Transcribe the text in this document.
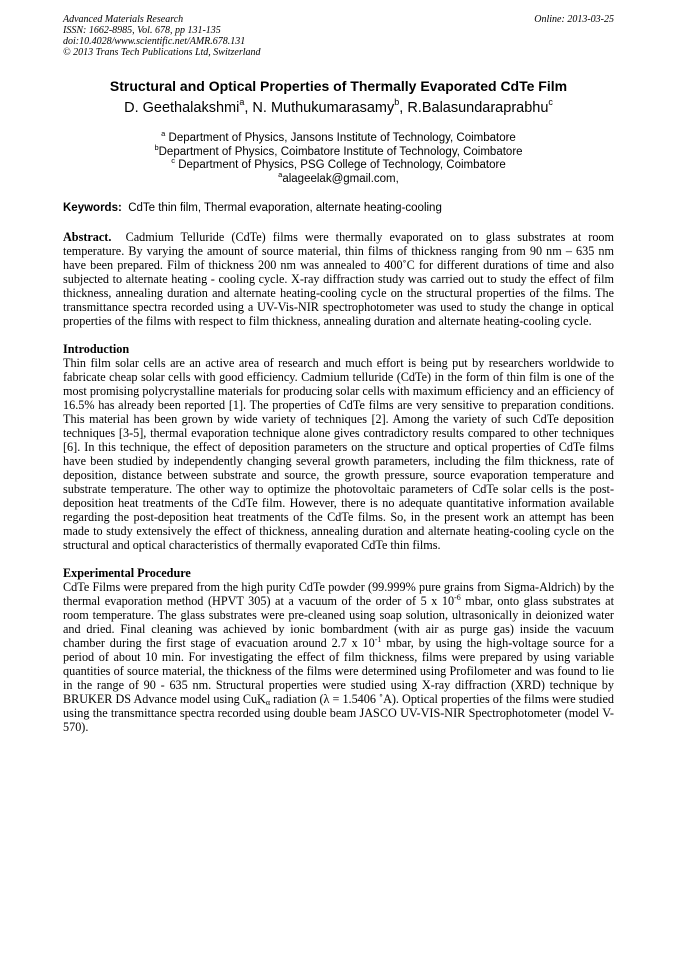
Advanced Materials Research	Online: 2013-03-25
ISSN: 1662-8985, Vol. 678, pp 131-135
doi:10.4028/www.scientific.net/AMR.678.131
© 2013 Trans Tech Publications Ltd, Switzerland
Structural and Optical Properties of Thermally Evaporated CdTe Film
D. Geethalakshmi$^a$, N. Muthukumarasamy$^b$, R.Balasundaraprabhu$^c$
$^a$ Department of Physics, Jansons Institute of Technology, Coimbatore
$^b$Department of Physics, Coimbatore Institute of Technology, Coimbatore
$^c$ Department of Physics, PSG College of Technology, Coimbatore
$^a$alageelak@gmail.com,
Keywords: CdTe thin film, Thermal evaporation, alternate heating-cooling

Abstract. Cadmium Telluride (CdTe) films were thermally evaporated on to glass substrates at room temperature. By varying the amount of source material, thin films of thickness ranging from 90 nm – 635 nm have been prepared. Film of thickness 200 nm was annealed to 400˚C for different durations of time and also subjected to alternate heating - cooling cycle. X-ray diffraction study was carried out to study the effect of film thickness, annealing duration and alternate heating-cooling cycle on the structural properties of the films. The transmittance spectra recorded using a UV-Vis-NIR spectrophotometer was used to study the change in optical properties of the films with respect to film thickness, annealing duration and alternate heating-cooling cycle.

Introduction

Thin film solar cells are an active area of research and much effort is being put by researchers worldwide to fabricate cheap solar cells with good efficiency. Cadmium telluride (CdTe) in the form of thin film is one of the most promising polycrystalline materials for producing solar cells with maximum efficiency and an efficiency of 16.5% has already been reported [1]. The properties of CdTe films are very sensitive to preparation conditions. This material has been grown by wide variety of techniques [2]. Among the variety of such CdTe deposition techniques [3-5], thermal evaporation technique alone gives contradictory results compared to other techniques [6]. In this technique, the effect of deposition parameters on the structure and optical properties of CdTe films have been studied by independently changing several growth parameters, including the film thickness, rate of deposition, distance between substrate and source, the growth pressure, source evaporation temperature and substrate temperature. The other way to optimize the photovoltaic parameters of CdTe solar cells is the post-deposition heat treatments of the CdTe film. However, there is no adequate quantitative information available regarding the post-deposition heat treatments of the CdTe films. So, in the present work an attempt has been made to study extensively the effect of thickness, annealing duration and alternate heating-cooling cycle on the structural and optical characteristics of thermally evaporated CdTe thin films.

Experimental Procedure

CdTe Films were prepared from the high purity CdTe powder (99.999% pure grains from Sigma-Aldrich) by the thermal evaporation method (HPVT 305) at a vacuum of the order of 5 x $10^{-6}$ mbar, onto glass substrates at room temperature. The glass substrates were pre-cleaned using soap solution, ultrasonically in deionized water and dried. Final cleaning was achieved by ionic bombardment (with air as purge gas) inside the vacuum chamber during the first stage of evacuation around 2.7 x $10^{-1}$ mbar, by using the high-voltage source for a period of about 10 min. For investigating the effect of film thickness, films were prepared by using variable quantities of source material, the thickness of the films were determined using Profilometer and was found to lie in the range of 90 - 635 nm. Structural properties were studied using X-ray diffraction (XRD) technique by BRUKER DS Advance model using CuK$_\alpha$ radiation (λ = 1.5406 ˚A). Optical properties of the films were studied using the transmittance spectra recorded using double beam JASCO UV-VIS-NIR Spectrophotometer (model V-570).
